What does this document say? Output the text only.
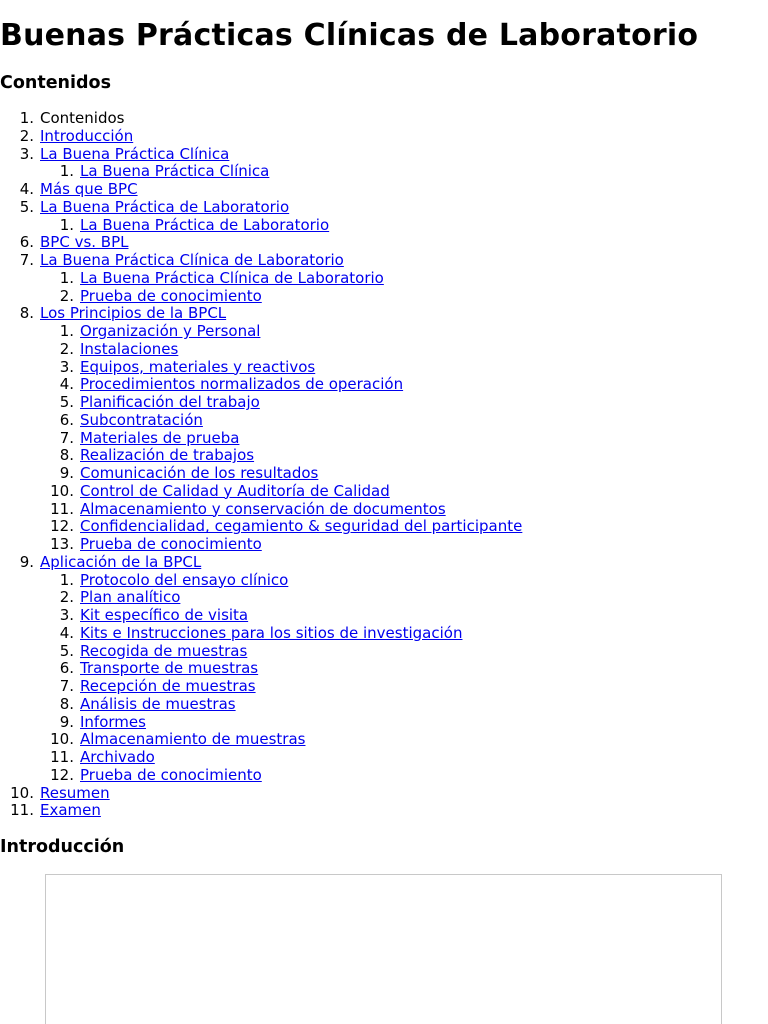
Buenas Prácticas Clínicas de Laboratorio
Contenidos
1. Contenidos
2. Introducción
3. La Buena Práctica Clínica
1. La Buena Práctica Clínica
4. Más que BPC
5. La Buena Práctica de Laboratorio
1. La Buena Práctica de Laboratorio
6. BPC vs. BPL
7. La Buena Práctica Clínica de Laboratorio
1. La Buena Práctica Clínica de Laboratorio
2. Prueba de conocimiento
8. Los Principios de la BPCL
1. Organización y Personal
2. Instalaciones
3. Equipos, materiales y reactivos
4. Procedimientos normalizados de operación
5. Planificación del trabajo
6. Subcontratación
7. Materiales de prueba
8. Realización de trabajos
9. Comunicación de los resultados
10. Control de Calidad y Auditoría de Calidad
11. Almacenamiento y conservación de documentos
12. Confidencialidad, cegamiento & seguridad del participante
13. Prueba de conocimiento
9. Aplicación de la BPCL
1. Protocolo del ensayo clínico
2. Plan analítico
3. Kit específico de visita
4. Kits e Instrucciones para los sitios de investigación
5. Recogida de muestras
6. Transporte de muestras
7. Recepción de muestras
8. Análisis de muestras
9. Informes
10. Almacenamiento de muestras
11. Archivado
12. Prueba de conocimiento
10. Resumen
11. Examen
Introducción
